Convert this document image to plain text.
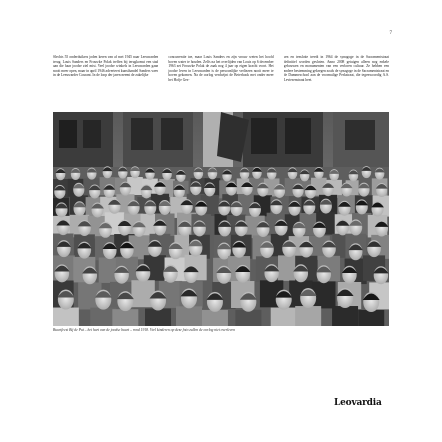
7

Slechts 55 onderduikers joden keren van af mei 1945 naar Leeuwarden terug. Louis Sanders en Frouwke Polak treffen bij terugkomst een stad aan die haar joodse ziel mist. Veel joodse winkels in Leeuwarden gaan nooit meer open, maar in april 1946 adverteert kunsthandel Sanders weer in de Leeuwarder Courant. In de loop der jaren neemt de zakelijke

concurrentie toe, maar Louis Sanders en zijn vrouw weten het hoofd boven water te houden. Zelfs na het overlijden van Louis op 6 december 1963 zet Frouwke Polak de zaak nog 4 jaar op eigen kracht voort. Het joodse leven in Leeuwarden is de persoonlijke verliezen nooit meer te boven gekomen. Na de oorlog verdwijnt de Beterhook met onder meer het Hofje Ges-

sen en tenslotte treedt in 1964 de synagoge in de Sacramentstraat definitief worden gesloten. Anno 2008 getuigen alleen nog enkele gebouwen en monumenten van een verloren cultuur. Ze hebben een andere bestemming gekregen zoals de synagoge in de Sacramentstraat en de Dammeschool aan de voormalige Perkstraat, die tegenwoordig A.S. Leviesenstraat heet.

Buurtfeest Bij de Put – het hart van de joodse buurt – rond 1918. Veel kinderen op deze foto zullen de oorlog niet overleven
Leovardia
